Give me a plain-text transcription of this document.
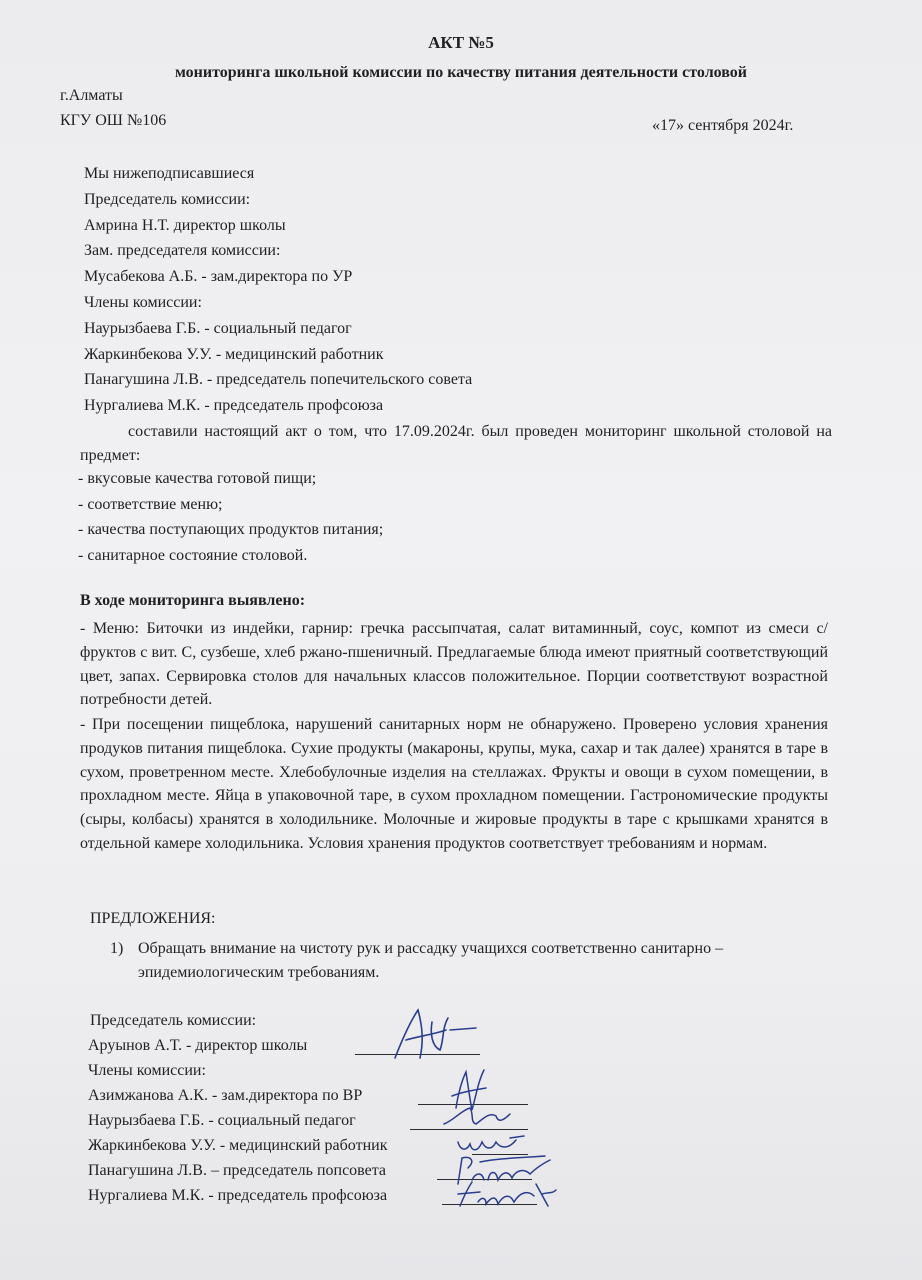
АКТ №5
мониторинга школьной комиссии по качеству питания деятельности столовой
г.Алматы
КГУ ОШ №106	«17» сентября 2024г.
Мы нижеподписавшиеся
Председатель комиссии:
Амрина Н.Т. директор школы
Зам. председателя комиссии:
Мусабекова А.Б. - зам.директора по УР
Члены комиссии:
Наурызбаева Г.Б. - социальный педагог
Жаркинбекова У.У. - медицинский работник
Панагушина Л.В. - председатель попечительского совета
Нургалиева М.К. - председатель профсоюза
составили настоящий акт о том, что 17.09.2024г. был проведен мониторинг школьной столовой на предмет:
- вкусовые качества готовой пищи;
- соответствие меню;
- качества поступающих продуктов питания;
- санитарное состояние столовой.
В ходе мониторинга выявлено:
- Меню: Биточки из индейки, гарнир: гречка рассыпчатая, салат витаминный, соус, компот из смеси с/фруктов с вит. С, сузбеше, хлеб ржано-пшеничный. Предлагаемые блюда имеют приятный соответствующий цвет, запах. Сервировка столов для начальных классов положительное. Порции соответствуют возрастной потребности детей.
- При посещении пищеблока, нарушений санитарных норм не обнаружено. Проверено условия хранения продуков питания пищеблока. Сухие продукты (макароны, крупы, мука, сахар и так далее) хранятся в таре в сухом, проветренном месте. Хлебобулочные изделия на стеллажах. Фрукты и овощи в сухом помещении, в прохладном месте. Яйца в упаковочной таре, в сухом прохладном помещении. Гастрономические продукты (сыры, колбасы) хранятся в холодильнике. Молочные и жировые продукты в таре с крышками хранятся в отдельной камере холодильника. Условия хранения продуктов соответствует требованиям и нормам.
ПРЕДЛОЖЕНИЯ:
1) Обращать внимание на чистоту рук и рассадку учащихся соответственно санитарно – эпидемиологическим требованиям.
Председатель комиссии:
Аруынов А.Т. - директор школы
Члены комиссии:
Азимжанова А.К. - зам.директора по ВР
Наурызбаева Г.Б. - социальный педагог
Жаркинбекова У.У. - медицинский работник
Панагушина Л.В. – председатель попсовета
Нургалиева М.К. - председатель профсоюза
